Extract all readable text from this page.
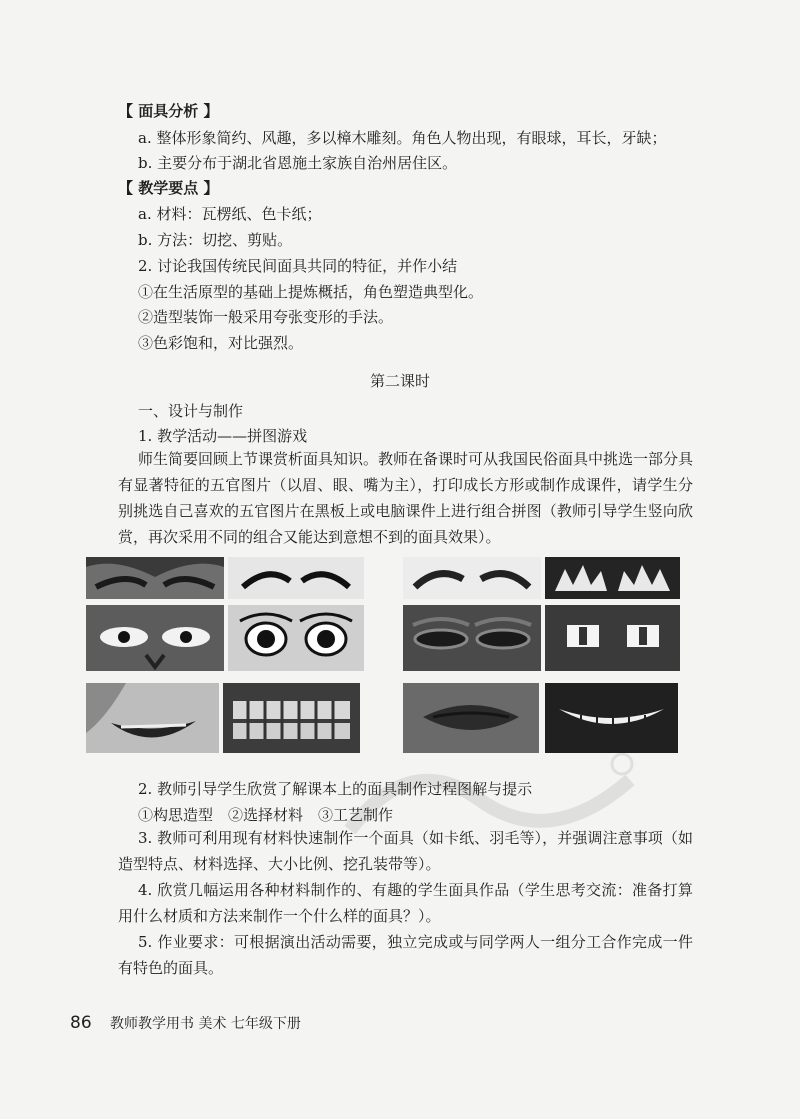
【 面具分析 】
a. 整体形象简约、风趣，多以樟木雕刻。角色人物出现，有眼球，耳长，牙缺；
b. 主要分布于湖北省恩施土家族自治州居住区。
【 教学要点 】
a. 材料：瓦楞纸、色卡纸；
b. 方法：切挖、剪贴。
2. 讨论我国传统民间面具共同的特征，并作小结
①在生活原型的基础上提炼概括，角色塑造典型化。
②造型装饰一般采用夸张变形的手法。
③色彩饱和，对比强烈。
第二课时
一、设计与制作
1. 教学活动——拼图游戏
师生简要回顾上节课赏析面具知识。教师在备课时可从我国民俗面具中挑选一部分具有显著特征的五官图片（以眉、眼、嘴为主），打印成长方形或制作成课件，请学生分别挑选自己喜欢的五官图片在黑板上或电脑课件上进行组合拼图（教师引导学生竖向欣赏，再次采用不同的组合又能达到意想不到的面具效果）。
2. 教师引导学生欣赏了解课本上的面具制作过程图解与提示
①构思造型　②选择材料　③工艺制作
3. 教师可利用现有材料快速制作一个面具（如卡纸、羽毛等），并强调注意事项（如造型特点、材料选择、大小比例、挖孔装带等）。
4. 欣赏几幅运用各种材料制作的、有趣的学生面具作品（学生思考交流：准备打算用什么材质和方法来制作一个什么样的面具？）。
5. 作业要求：可根据演出活动需要，独立完成或与同学两人一组分工合作完成一件有特色的面具。
86 教师教学用书 美术 七年级下册
